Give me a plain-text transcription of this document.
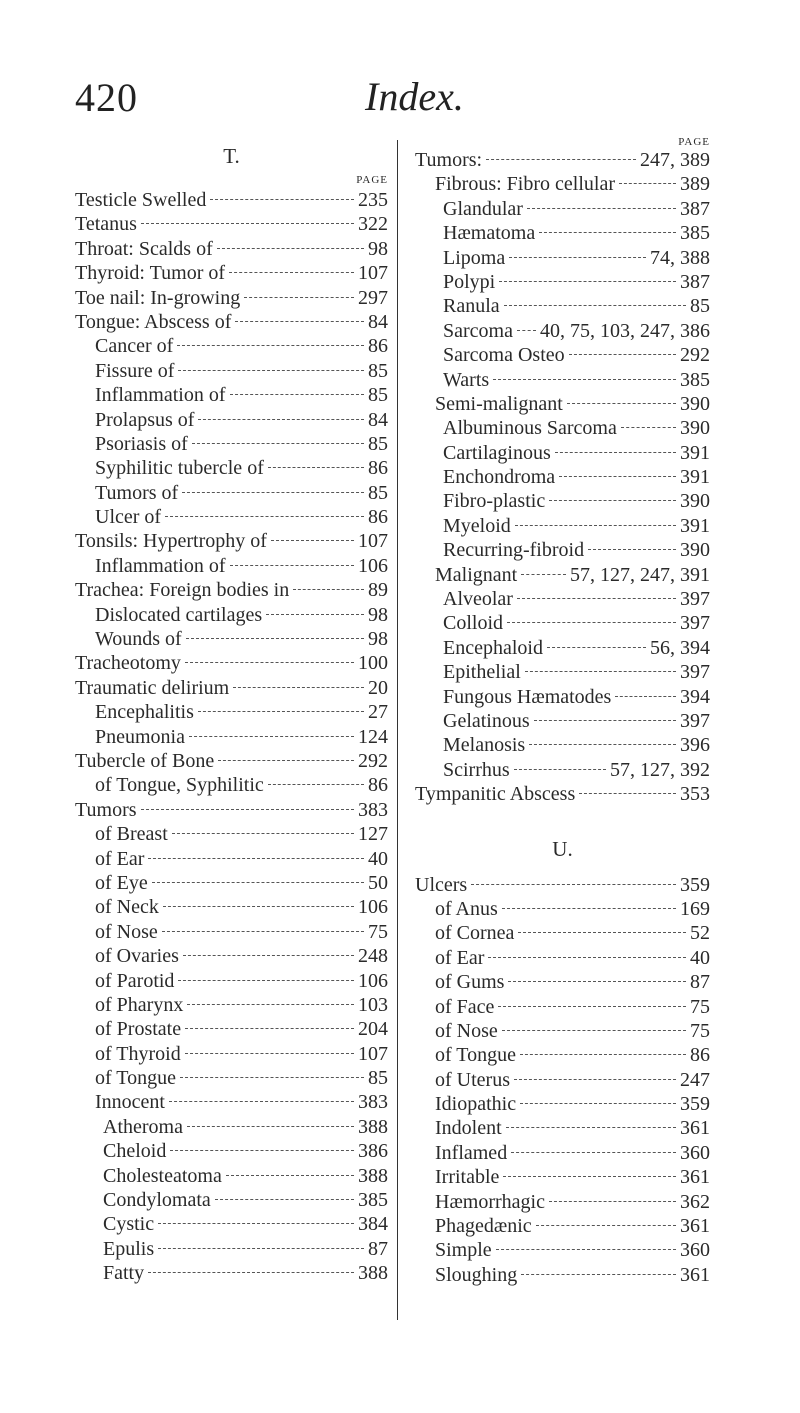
420	Index.
T.
PAGE
Testicle Swelled	235
Tetanus	322
Throat: Scalds of	98
Thyroid: Tumor of	107
Toe nail: In-growing	297
Tongue: Abscess of	84
Cancer of	86
Fissure of	85
Inflammation of	85
Prolapsus of	84
Psoriasis of	85
Syphilitic tubercle of	86
Tumors of	85
Ulcer of	86
Tonsils: Hypertrophy of	107
Inflammation of	106
Trachea: Foreign bodies in	89
Dislocated cartilages	98
Wounds of	98
Tracheotomy	100
Traumatic delirium	20
Encephalitis	27
Pneumonia	124
Tubercle of Bone	292
of Tongue, Syphilitic	86
Tumors	383
of Breast	127
of Ear	40
of Eye	50
of Neck	106
of Nose	75
of Ovaries	248
of Parotid	106
of Pharynx	103
of Prostate	204
of Thyroid	107
of Tongue	85
Innocent	383
Atheroma	388
Cheloid	386
Cholesteatoma	388
Condylomata	385
Cystic	384
Epulis	87
Fatty	388
PAGE
Tumors:	247, 389
Fibrous: Fibro cellular	389
Glandular	387
Hæmatoma	385
Lipoma	74, 388
Polypi	387
Ranula	85
Sarcoma 40, 75, 103, 247, 386
Sarcoma Osteo	292
Warts	385
Semi-malignant	390
Albuminous Sarcoma	390
Cartilaginous	391
Enchondroma	391
Fibro-plastic	390
Myeloid	391
Recurring-fibroid	390
Malignant	57, 127, 247, 391
Alveolar	397
Colloid	397
Encephaloid	56, 394
Epithelial	397
Fungous Hæmatodes	394
Gelatinous	397
Melanosis	396
Scirrhus	57, 127, 392
Tympanitic Abscess	353
U.
Ulcers	359
of Anus	169
of Cornea	52
of Ear	40
of Gums	87
of Face	75
of Nose	75
of Tongue	86
of Uterus	247
Idiopathic	359
Indolent	361
Inflamed	360
Irritable	361
Hæmorrhagic	362
Phagedænic	361
Simple	360
Sloughing	361
